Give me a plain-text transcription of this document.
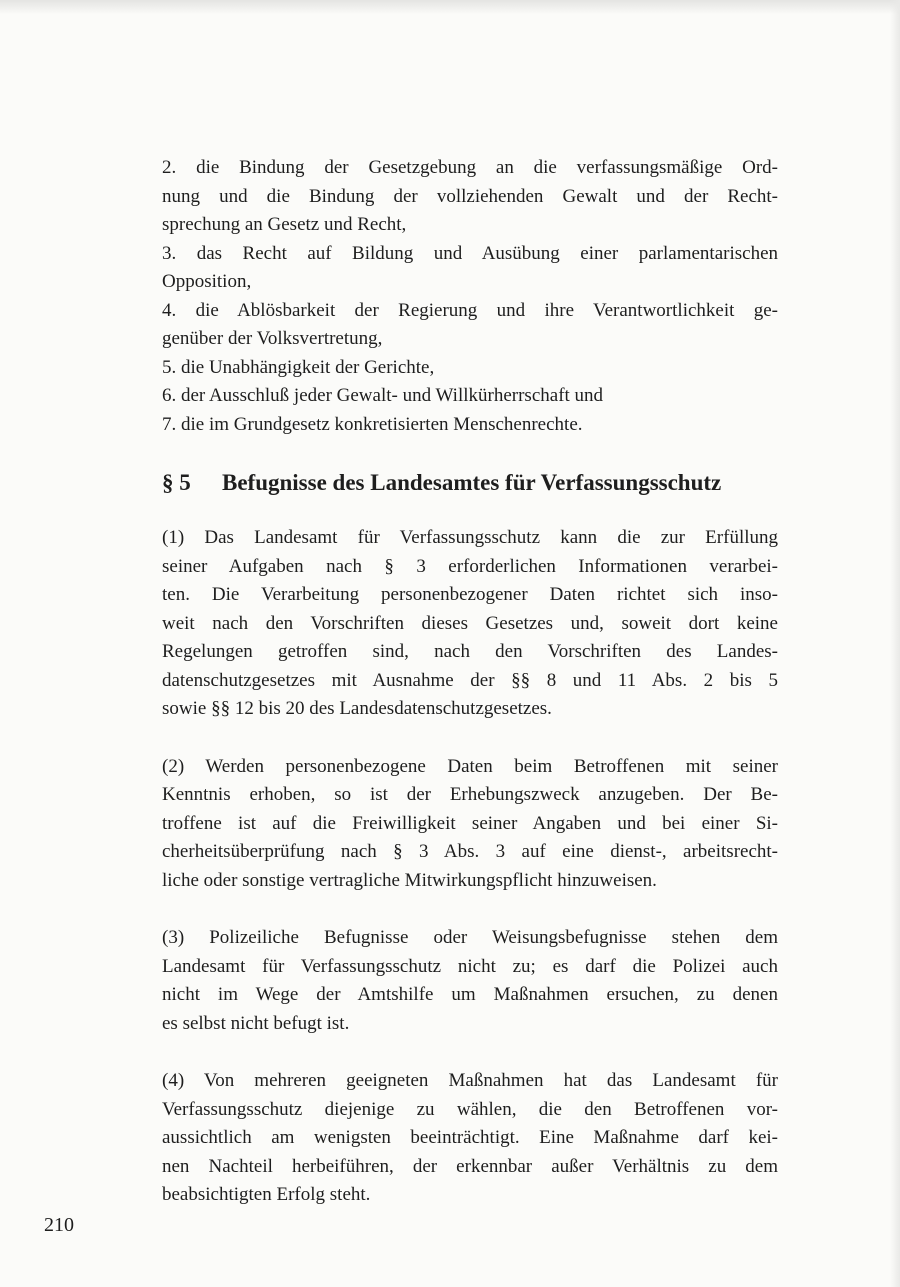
2. die Bindung der Gesetzgebung an die verfassungsmäßige Ord-
nung und die Bindung der vollziehenden Gewalt und der Recht-
sprechung an Gesetz und Recht,
3. das Recht auf Bildung und Ausübung einer parlamentarischen
Opposition,
4. die Ablösbarkeit der Regierung und ihre Verantwortlichkeit ge-
genüber der Volksvertretung,
5. die Unabhängigkeit der Gerichte,
6. der Ausschluß jeder Gewalt- und Willkürherrschaft und
7. die im Grundgesetz konkretisierten Menschenrechte.
§ 5	Befugnisse des Landesamtes für Verfassungsschutz
(1) Das Landesamt für Verfassungsschutz kann die zur Erfüllung
seiner Aufgaben nach § 3 erforderlichen Informationen verarbei-
ten. Die Verarbeitung personenbezogener Daten richtet sich inso-
weit nach den Vorschriften dieses Gesetzes und, soweit dort keine
Regelungen getroffen sind, nach den Vorschriften des Landes-
datenschutzgesetzes mit Ausnahme der §§ 8 und 11 Abs. 2 bis 5
sowie §§ 12 bis 20 des Landesdatenschutzgesetzes.
(2) Werden personenbezogene Daten beim Betroffenen mit seiner
Kenntnis erhoben, so ist der Erhebungszweck anzugeben. Der Be-
troffene ist auf die Freiwilligkeit seiner Angaben und bei einer Si-
cherheitsüberprüfung nach § 3 Abs. 3 auf eine dienst-, arbeitsrecht-
liche oder sonstige vertragliche Mitwirkungspflicht hinzuweisen.
(3) Polizeiliche Befugnisse oder Weisungsbefugnisse stehen dem
Landesamt für Verfassungsschutz nicht zu; es darf die Polizei auch
nicht im Wege der Amtshilfe um Maßnahmen ersuchen, zu denen
es selbst nicht befugt ist.
(4) Von mehreren geeigneten Maßnahmen hat das Landesamt für
Verfassungsschutz diejenige zu wählen, die den Betroffenen vor-
aussichtlich am wenigsten beeinträchtigt. Eine Maßnahme darf kei-
nen Nachteil herbeiführen, der erkennbar außer Verhältnis zu dem
beabsichtigten Erfolg steht.
210
